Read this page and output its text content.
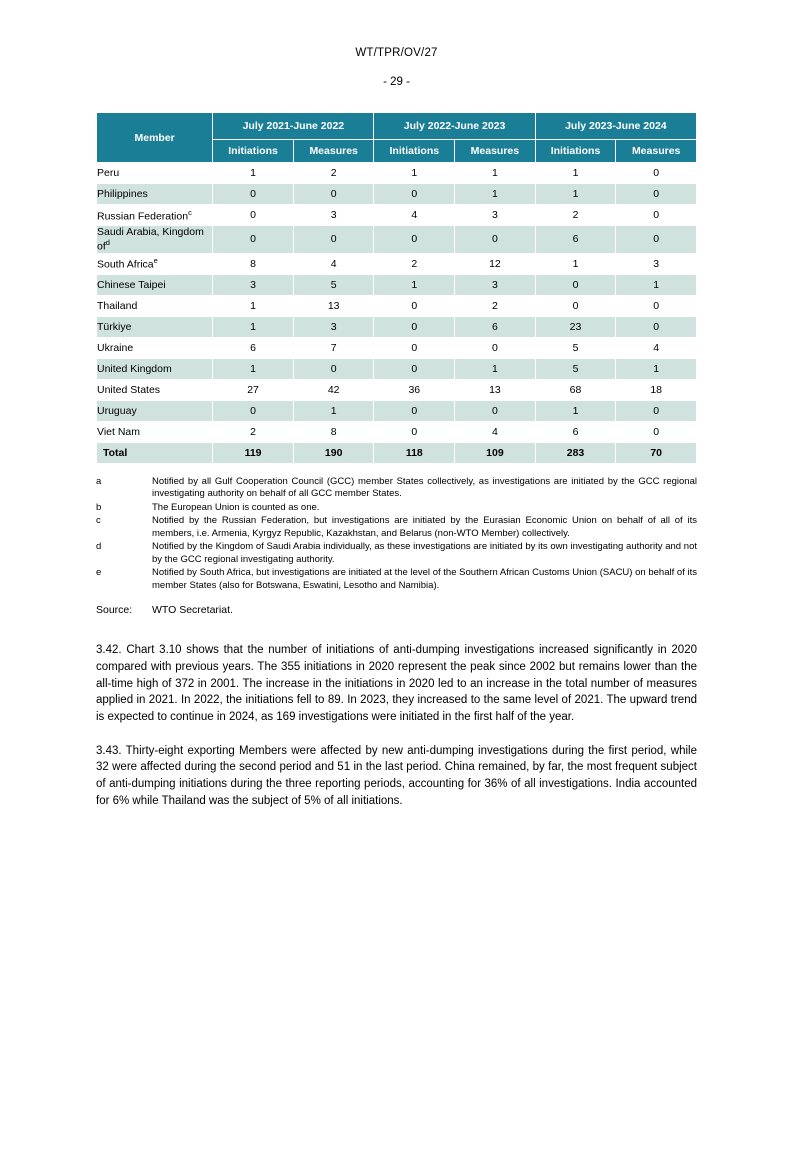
WT/TPR/OV/27
- 29 -
Member	July 2021-June 2022		July 2022-June 2023		July 2023-June 2024	
	Initiations	Measures	Initiations	Measures	Initiations	Measures
Peru	1	2	1	1	1	0
Philippines	0	0	0	1	1	0
Russian Federation$^c$	0	3	4	3	2	0
Saudi Arabia, Kingdom $of^d$	0	0	0	0	6	0
South Africa$^e$	8	4	2	12	1	3
Chinese Taipei	3	5	1	3	0	1
Thailand	1	13	0	2	0	0
Türkiye	1	3	0	6	23	0
Ukraine	6	7	0	0	5	4
United Kingdom	1	0	0	1	5	1
United States	27	42	36	13	68	18
Uruguay	0	1	0	0	1	0
Viet Nam	2	8	0	4	6	0
Total	119	190	118	109	283	70
a	Notified by all Gulf Cooperation Council (GCC) member States collectively, as investigations are initiated by the GCC regional investigating authority on behalf of all GCC member States.
b	The European Union is counted as one.
c	Notified by the Russian Federation, but investigations are initiated by the Eurasian Economic Union on behalf of all of its members, i.e. Armenia, Kyrgyz Republic, Kazakhstan, and Belarus (non-WTO Member) collectively.
d	Notified by the Kingdom of Saudi Arabia individually, as these investigations are initiated by its own investigating authority and not by the GCC regional investigating authority.
e	Notified by South Africa, but investigations are initiated at the level of the Southern African Customs Union (SACU) on behalf of its member States (also for Botswana, Eswatini, Lesotho and Namibia).
Source:	WTO Secretariat.

3.42. Chart 3.10 shows that the number of initiations of anti-dumping investigations increased significantly in 2020 compared with previous years. The 355 initiations in 2020 represent the peak since 2002 but remains lower than the all-time high of 372 in 2001. The increase in the initiations in 2020 led to an increase in the total number of measures applied in 2021. In 2022, the initiations fell to 89. In 2023, they increased to the same level of 2021. The upward trend is expected to continue in 2024, as 169 investigations were initiated in the first half of the year.

3.43. Thirty-eight exporting Members were affected by new anti-dumping investigations during the first period, while 32 were affected during the second period and 51 in the last period. China remained, by far, the most frequent subject of anti-dumping initiations during the three reporting periods, accounting for 36% of all investigations. India accounted for 6% while Thailand was the subject of 5% of all initiations.
